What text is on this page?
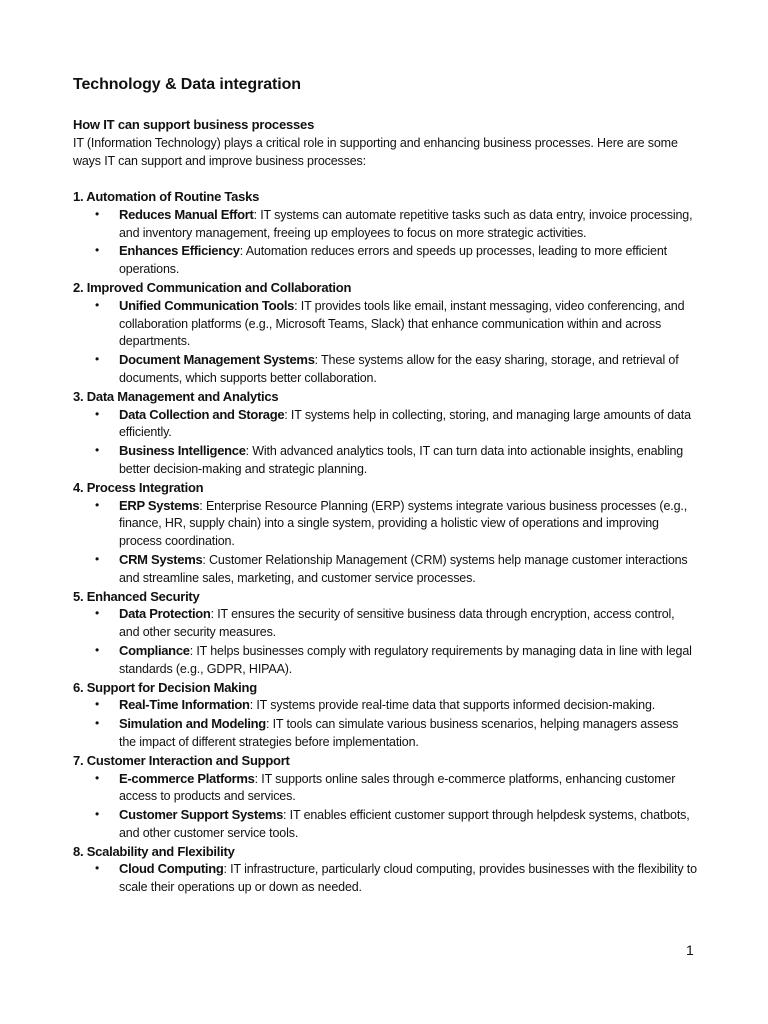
Technology & Data integration

How IT can support business processes

IT (Information Technology) plays a critical role in supporting and enhancing business processes. Here are some ways IT can support and improve business processes:

1. Automation of Routine Tasks

• Reduces Manual Effort: IT systems can automate repetitive tasks such as data entry, invoice processing, and inventory management, freeing up employees to focus on more strategic activities.
• Enhances Efficiency: Automation reduces errors and speeds up processes, leading to more efficient operations.

2. Improved Communication and Collaboration

• Unified Communication Tools: IT provides tools like email, instant messaging, video conferencing, and collaboration platforms (e.g., Microsoft Teams, Slack) that enhance communication within and across departments.
• Document Management Systems: These systems allow for the easy sharing, storage, and retrieval of documents, which supports better collaboration.

3. Data Management and Analytics

• Data Collection and Storage: IT systems help in collecting, storing, and managing large amounts of data efficiently.
• Business Intelligence: With advanced analytics tools, IT can turn data into actionable insights, enabling better decision-making and strategic planning.

4. Process Integration

• ERP Systems: Enterprise Resource Planning (ERP) systems integrate various business processes (e.g., finance, HR, supply chain) into a single system, providing a holistic view of operations and improving process coordination.
• CRM Systems: Customer Relationship Management (CRM) systems help manage customer interactions and streamline sales, marketing, and customer service processes.

5. Enhanced Security

• Data Protection: IT ensures the security of sensitive business data through encryption, access control, and other security measures.
• Compliance: IT helps businesses comply with regulatory requirements by managing data in line with legal standards (e.g., GDPR, HIPAA).

6. Support for Decision Making

• Real-Time Information: IT systems provide real-time data that supports informed decision-making.
• Simulation and Modeling: IT tools can simulate various business scenarios, helping managers assess the impact of different strategies before implementation.

7. Customer Interaction and Support

• E-commerce Platforms: IT supports online sales through e-commerce platforms, enhancing customer access to products and services.
• Customer Support Systems: IT enables efficient customer support through helpdesk systems, chatbots, and other customer service tools.

8. Scalability and Flexibility

• Cloud Computing: IT infrastructure, particularly cloud computing, provides businesses with the flexibility to scale their operations up or down as needed.
1
